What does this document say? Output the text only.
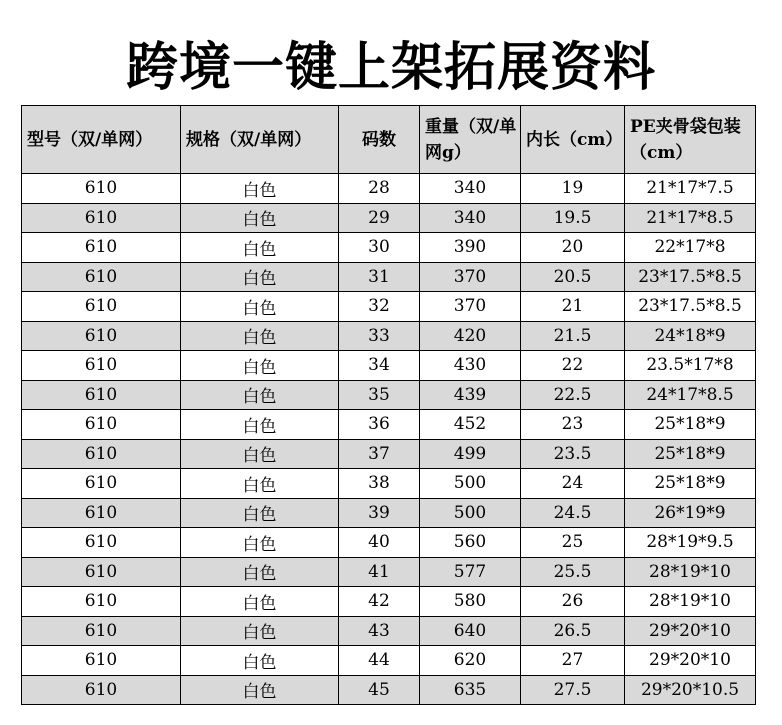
跨境一键上架拓展资料
型号（双/单网）	规格（双/单网）	码数	重量（双/单网g）	内长（cm）	PE夹骨袋包装（cm）
610	白色	28	340	19	21*17*7.5
610	白色	29	340	19.5	21*17*8.5
610	白色	30	390	20	22*17*8
610	白色	31	370	20.5	23*17.5*8.5
610	白色	32	370	21	23*17.5*8.5
610	白色	33	420	21.5	24*18*9
610	白色	34	430	22	23.5*17*8
610	白色	35	439	22.5	24*17*8.5
610	白色	36	452	23	25*18*9
610	白色	37	499	23.5	25*18*9
610	白色	38	500	24	25*18*9
610	白色	39	500	24.5	26*19*9
610	白色	40	560	25	28*19*9.5
610	白色	41	577	25.5	28*19*10
610	白色	42	580	26	28*19*10
610	白色	43	640	26.5	29*20*10
610	白色	44	620	27	29*20*10
610	白色	45	635	27.5	29*20*10.5
